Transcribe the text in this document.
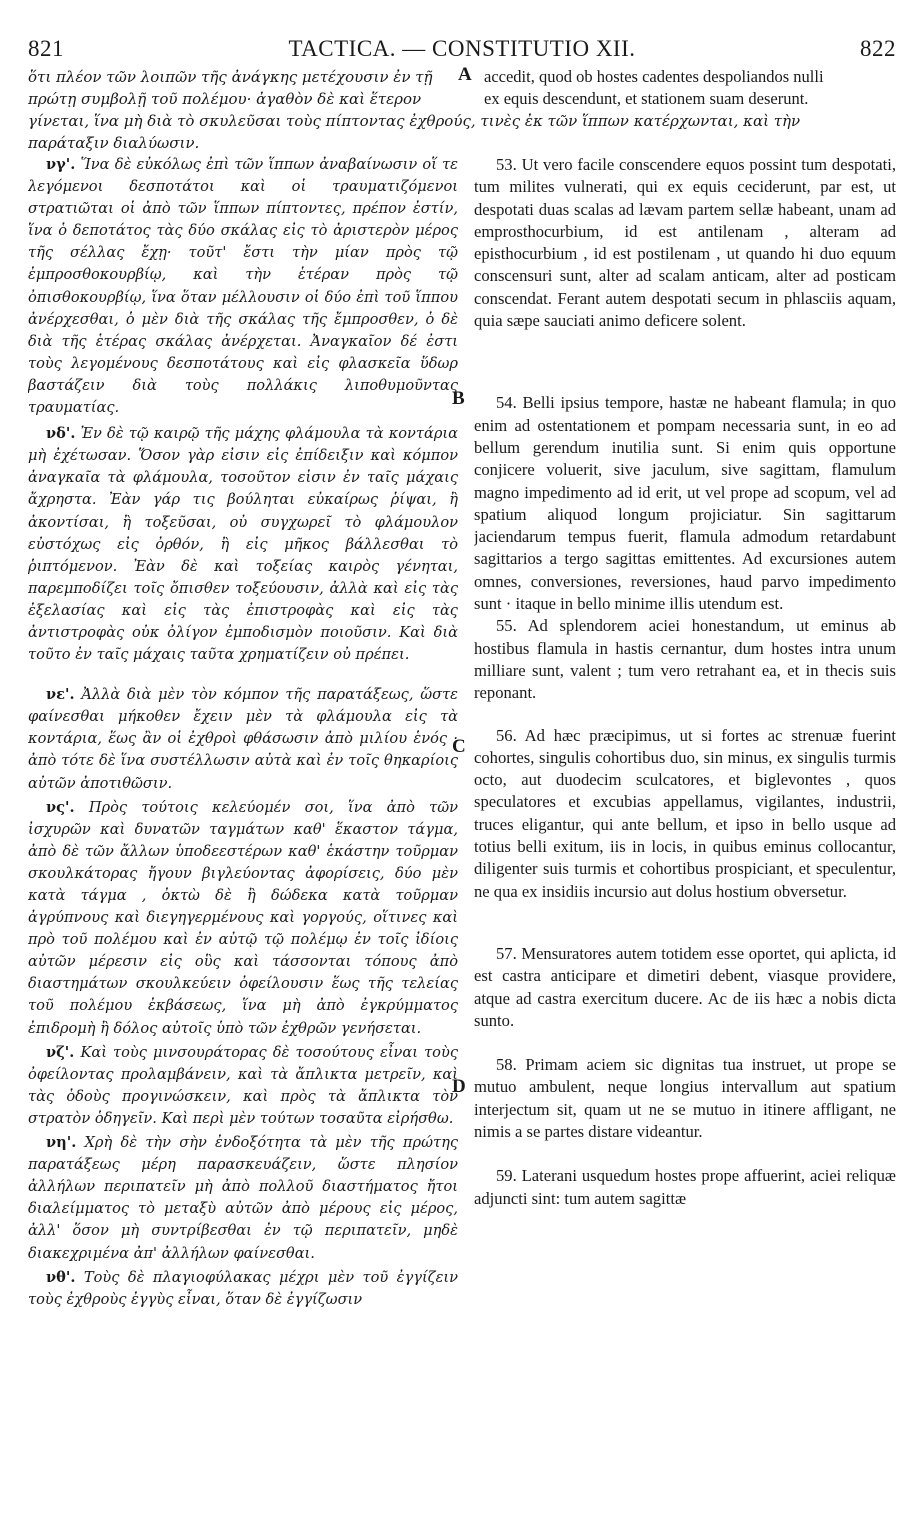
821	TACTICA. — CONSTITUTIO XII.	822
ὅτι πλέον τῶν λοιπῶν τῆς ἀνάγκης μετέχουσιν ἐν τῇ
πρώτῃ συμβολῇ τοῦ πολέμου· ἀγαθὸν δὲ καὶ ἕτερον
accedit, quod ob hostes cadentes despoliandos nulli
ex equis descendunt, et stationem suam deserunt.
γίνεται, ἵνα μὴ διὰ τὸ σκυλεῦσαι τοὺς πίπτοντας ἐχθρούς, τινὲς ἐκ τῶν ἵππων κατέρχωνται, καὶ τὴν
παράταξιν διαλύωσιν.
A
B
C
D

νγ'. Ἵνα δὲ εὐκόλως ἐπὶ τῶν ἵππων ἀναβαίνωσιν οἵ τε λεγόμενοι δεσποτάτοι καὶ οἱ τραυματιζόμενοι στρατιῶται οἱ ἀπὸ τῶν ἵππων πίπτοντες, πρέπον ἐστίν, ἵνα ὁ δεποτάτος τὰς δύο σκάλας εἰς τὸ ἀριστερὸν μέρος τῆς σέλλας ἔχῃ· τοῦτ' ἔστι τὴν μίαν πρὸς τῷ ἐμπροσθοκουρβίῳ, καὶ τὴν ἑτέραν πρὸς τῷ ὀπισθοκουρβίῳ, ἵνα ὅταν μέλλουσιν οἱ δύο ἐπὶ τοῦ ἵππου ἀνέρχεσθαι, ὁ μὲν διὰ τῆς σκάλας τῆς ἔμπροσθεν, ὁ δὲ διὰ τῆς ἑτέρας σκάλας ἀνέρχεται. Ἀναγκαῖον δέ ἐστι τοὺς λεγομένους δεσποτάτους καὶ εἰς φλασκεῖα ὕδωρ βαστάζειν διὰ τοὺς πολλάκις λιποθυμοῦντας τραυματίας.

νδ'. Ἐν δὲ τῷ καιρῷ τῆς μάχης φλάμουλα τὰ κοντάρια μὴ ἐχέτωσαν. Ὅσον γὰρ εἰσιν εἰς ἐπίδειξιν καὶ κόμπον ἀναγκαῖα τὰ φλάμουλα, τοσοῦτον εἰσιν ἐν ταῖς μάχαις ἄχρηστα. Ἐὰν γάρ τις βούληται εὐκαίρως ῥίψαι, ἢ ἀκοντίσαι, ἢ τοξεῦσαι, οὐ συγχωρεῖ τὸ φλάμουλον εὐστόχως εἰς ὀρθόν, ἢ εἰς μῆκος βάλλεσθαι τὸ ῥιπτόμενον. Ἐὰν δὲ καὶ τοξείας καιρὸς γένηται, παρεμποδίζει τοῖς ὄπισθεν τοξεύουσιν, ἀλλὰ καὶ εἰς τὰς ἐξελασίας καὶ εἰς τὰς ἐπιστροφὰς καὶ εἰς τὰς ἀντιστροφὰς οὐκ ὀλίγον ἐμποδισμὸν ποιοῦσιν. Καὶ διὰ τοῦτο ἐν ταῖς μάχαις ταῦτα χρηματίζειν οὐ πρέπει.

νε'. Ἀλλὰ διὰ μὲν τὸν κόμπον τῆς παρατάξεως, ὥστε φαίνεσθαι μήκοθεν ἔχειν μὲν τὰ φλάμουλα εἰς τὰ κοντάρια, ἕως ἂν οἱ ἐχθροὶ φθάσωσιν ἀπὸ μιλίου ἑνός · ἀπὸ τότε δὲ ἵνα συστέλλωσιν αὐτὰ καὶ ἐν τοῖς θηκαρίοις αὐτῶν ἀποτιθῶσιν.

νς'. Πρὸς τούτοις κελεύομέν σοι, ἵνα ἀπὸ τῶν ἰσχυρῶν καὶ δυνατῶν ταγμάτων καθ' ἕκαστον τάγμα, ἀπὸ δὲ τῶν ἄλλων ὑποδεεστέρων καθ' ἑκάστην τοῦρμαν σκουλκάτορας ἤγουν βιγλεύοντας ἀφορίσεις, δύο μὲν κατὰ τάγμα , ὀκτὼ δὲ ἢ δώδεκα κατὰ τοῦρμαν ἀγρύπνους καὶ διεγηγερμένους καὶ γοργούς, οἵτινες καὶ πρὸ τοῦ πολέμου καὶ ἐν αὐτῷ τῷ πολέμῳ ἐν τοῖς ἰδίοις αὐτῶν μέρεσιν εἰς οὓς καὶ τάσσονται τόπους ἀπὸ διαστημάτων σκουλκεύειν ὀφείλουσιν ἕως τῆς τελείας τοῦ πολέμου ἐκβάσεως, ἵνα μὴ ἀπὸ ἐγκρύμματος ἐπιδρομὴ ἢ δόλος αὐτοῖς ὑπὸ τῶν ἐχθρῶν γενήσεται.

νζ'. Καὶ τοὺς μινσουράτορας δὲ τοσούτους εἶναι τοὺς ὀφείλοντας προλαμβάνειν, καὶ τὰ ἄπλικτα μετρεῖν, καὶ τὰς ὁδοὺς προγινώσκειν, καὶ πρὸς τὰ ἄπλικτα τὸν στρατὸν ὁδηγεῖν. Καὶ περὶ μὲν τούτων τοσαῦτα εἰρήσθω.

νη'. Χρὴ δὲ τὴν σὴν ἐνδοξότητα τὰ μὲν τῆς πρώτης παρατάξεως μέρη παρασκευάζειν, ὥστε πλησίον ἀλλήλων περιπατεῖν μὴ ἀπὸ πολλοῦ διαστήματος ἤτοι διαλείμματος τὸ μεταξὺ αὐτῶν ἀπὸ μέρους εἰς μέρος, ἀλλ' ὅσον μὴ συντρίβεσθαι ἐν τῷ περιπατεῖν, μηδὲ διακεχριμένα ἀπ' ἀλλήλων φαίνεσθαι.

νθ'. Τοὺς δὲ πλαγιοφύλακας μέχρι μὲν τοῦ ἐγγίζειν τοὺς ἐχθροὺς ἐγγὺς εἶναι, ὅταν δὲ ἐγγίζωσιν

53. Ut vero facile conscendere equos possint tum despotati, tum milites vulnerati, qui ex equis ceciderunt, par est, ut despotati duas scalas ad lævam partem sellæ habeant, unam ad emprosthocurbium, id est antilenam , alteram ad episthocurbium , id est postilenam , ut quando hi duo equum conscensuri sunt, alter ad scalam anticam, alter ad posticam conscendat. Ferant autem despotati secum in phlasciis aquam, quia sæpe sauciati animo deficere solent.

54. Belli ipsius tempore, hastæ ne habeant flamula; in quo enim ad ostentationem et pompam necessaria sunt, in eo ad bellum gerendum inutilia sunt. Si enim quis opportune conjicere voluerit, sive jaculum, sive sagittam, flamulum magno impedimento ad id erit, ut vel prope ad scopum, vel ad spatium aliquod longum projiciatur. Sin sagittarum jaciendarum tempus fuerit, flamula admodum retardabunt sagittarios a tergo sagittas emittentes. Ad excursiones autem omnes, conversiones, reversiones, haud parvo impedimento sunt · itaque in bello minime illis utendum est.

55. Ad splendorem aciei honestandum, ut eminus ab hostibus flamula in hastis cernantur, dum hostes intra unum milliare sunt, valent ; tum vero retrahant ea, et in thecis suis reponant.

56. Ad hæc præcipimus, ut si fortes ac strenuæ fuerint cohortes, singulis cohortibus duo, sin minus, ex singulis turmis octo, aut duodecim sculcatores, et biglevontes , quos speculatores et excubias appellamus, vigilantes, industrii, truces eligantur, qui ante bellum, et ipso in bello usque ad totius belli exitum, iis in locis, in quibus eminus collocantur, diligenter suis turmis et cohortibus prospiciant, et speculentur, ne qua ex insidiis incursio aut dolus hostium obversetur.

57. Mensuratores autem totidem esse oportet, qui aplicta, id est castra anticipare et dimetiri debent, viasque providere, atque ad castra exercitum ducere. Ac de iis hæc a nobis dicta sunto.

58. Primam aciem sic dignitas tua instruet, ut prope se mutuo ambulent, neque longius intervallum aut spatium interjectum sit, quam ut ne se mutuo in itinere affligant, ne nimis a se partes distare videantur.

59. Laterani usquedum hostes prope affuerint, aciei reliquæ adjuncti sint: tum autem sagittæ
